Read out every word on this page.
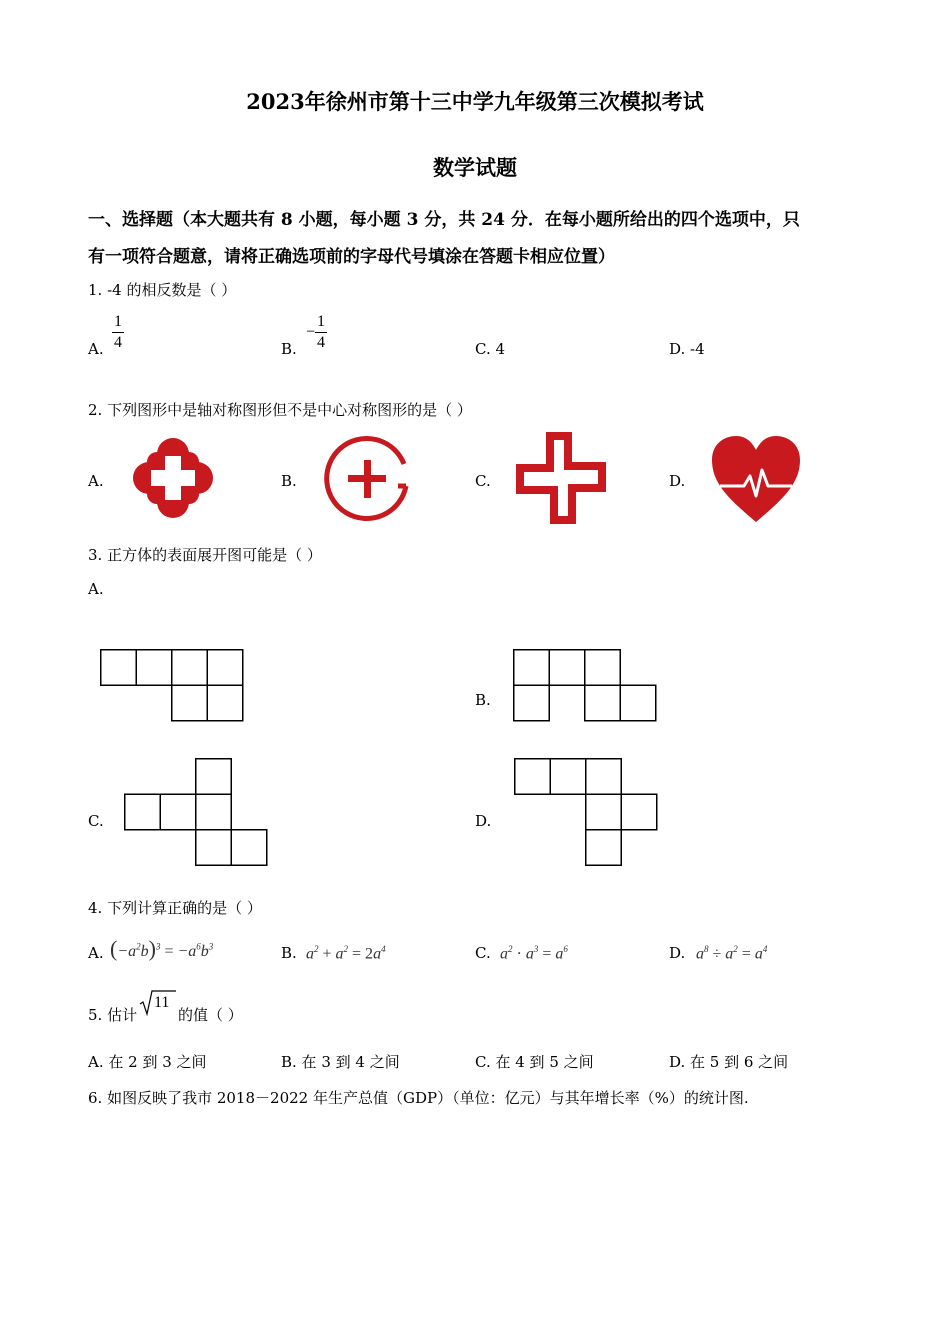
2023年徐州市第十三中学九年级第三次模拟考试
数学试题
一、选择题（本大题共有 8 小题，每小题 3 分，共 24 分．在每小题所给出的四个选项中，只
有一项符合题意，请将正确选项前的字母代号填涂在答题卡相应位置）
1. -4 的相反数是（ ）
A. $\frac{1}{4}$	B.
− $\frac{1}{4}$	C. 4	D. -4
2. 下列图形中是轴对称图形但不是中心对称图形的是（ ）
A.	B.	C.	D.
3. 正方体的表面展开图可能是（ ）
A.
B.
C.	D.
4. 下列计算正确的是（ ）
A. $(-a^2b)^3 = -a^6b^3$	B. $a^2 + a^2 = 2a^4$	C. $a^2 \cdot a^3 = a^6$	D. $a^8 \div a^2 = a^4$
5. 估计
11
的值（ ）
A. 在 2 到 3 之间	B. 在 3 到 4 之间	C. 在 4 到 5 之间	D. 在 5 到 6 之间
6. 如图反映了我市 2018－2022 年生产总值（GDP）（单位：亿元）与其年增长率（%）的统计图.
